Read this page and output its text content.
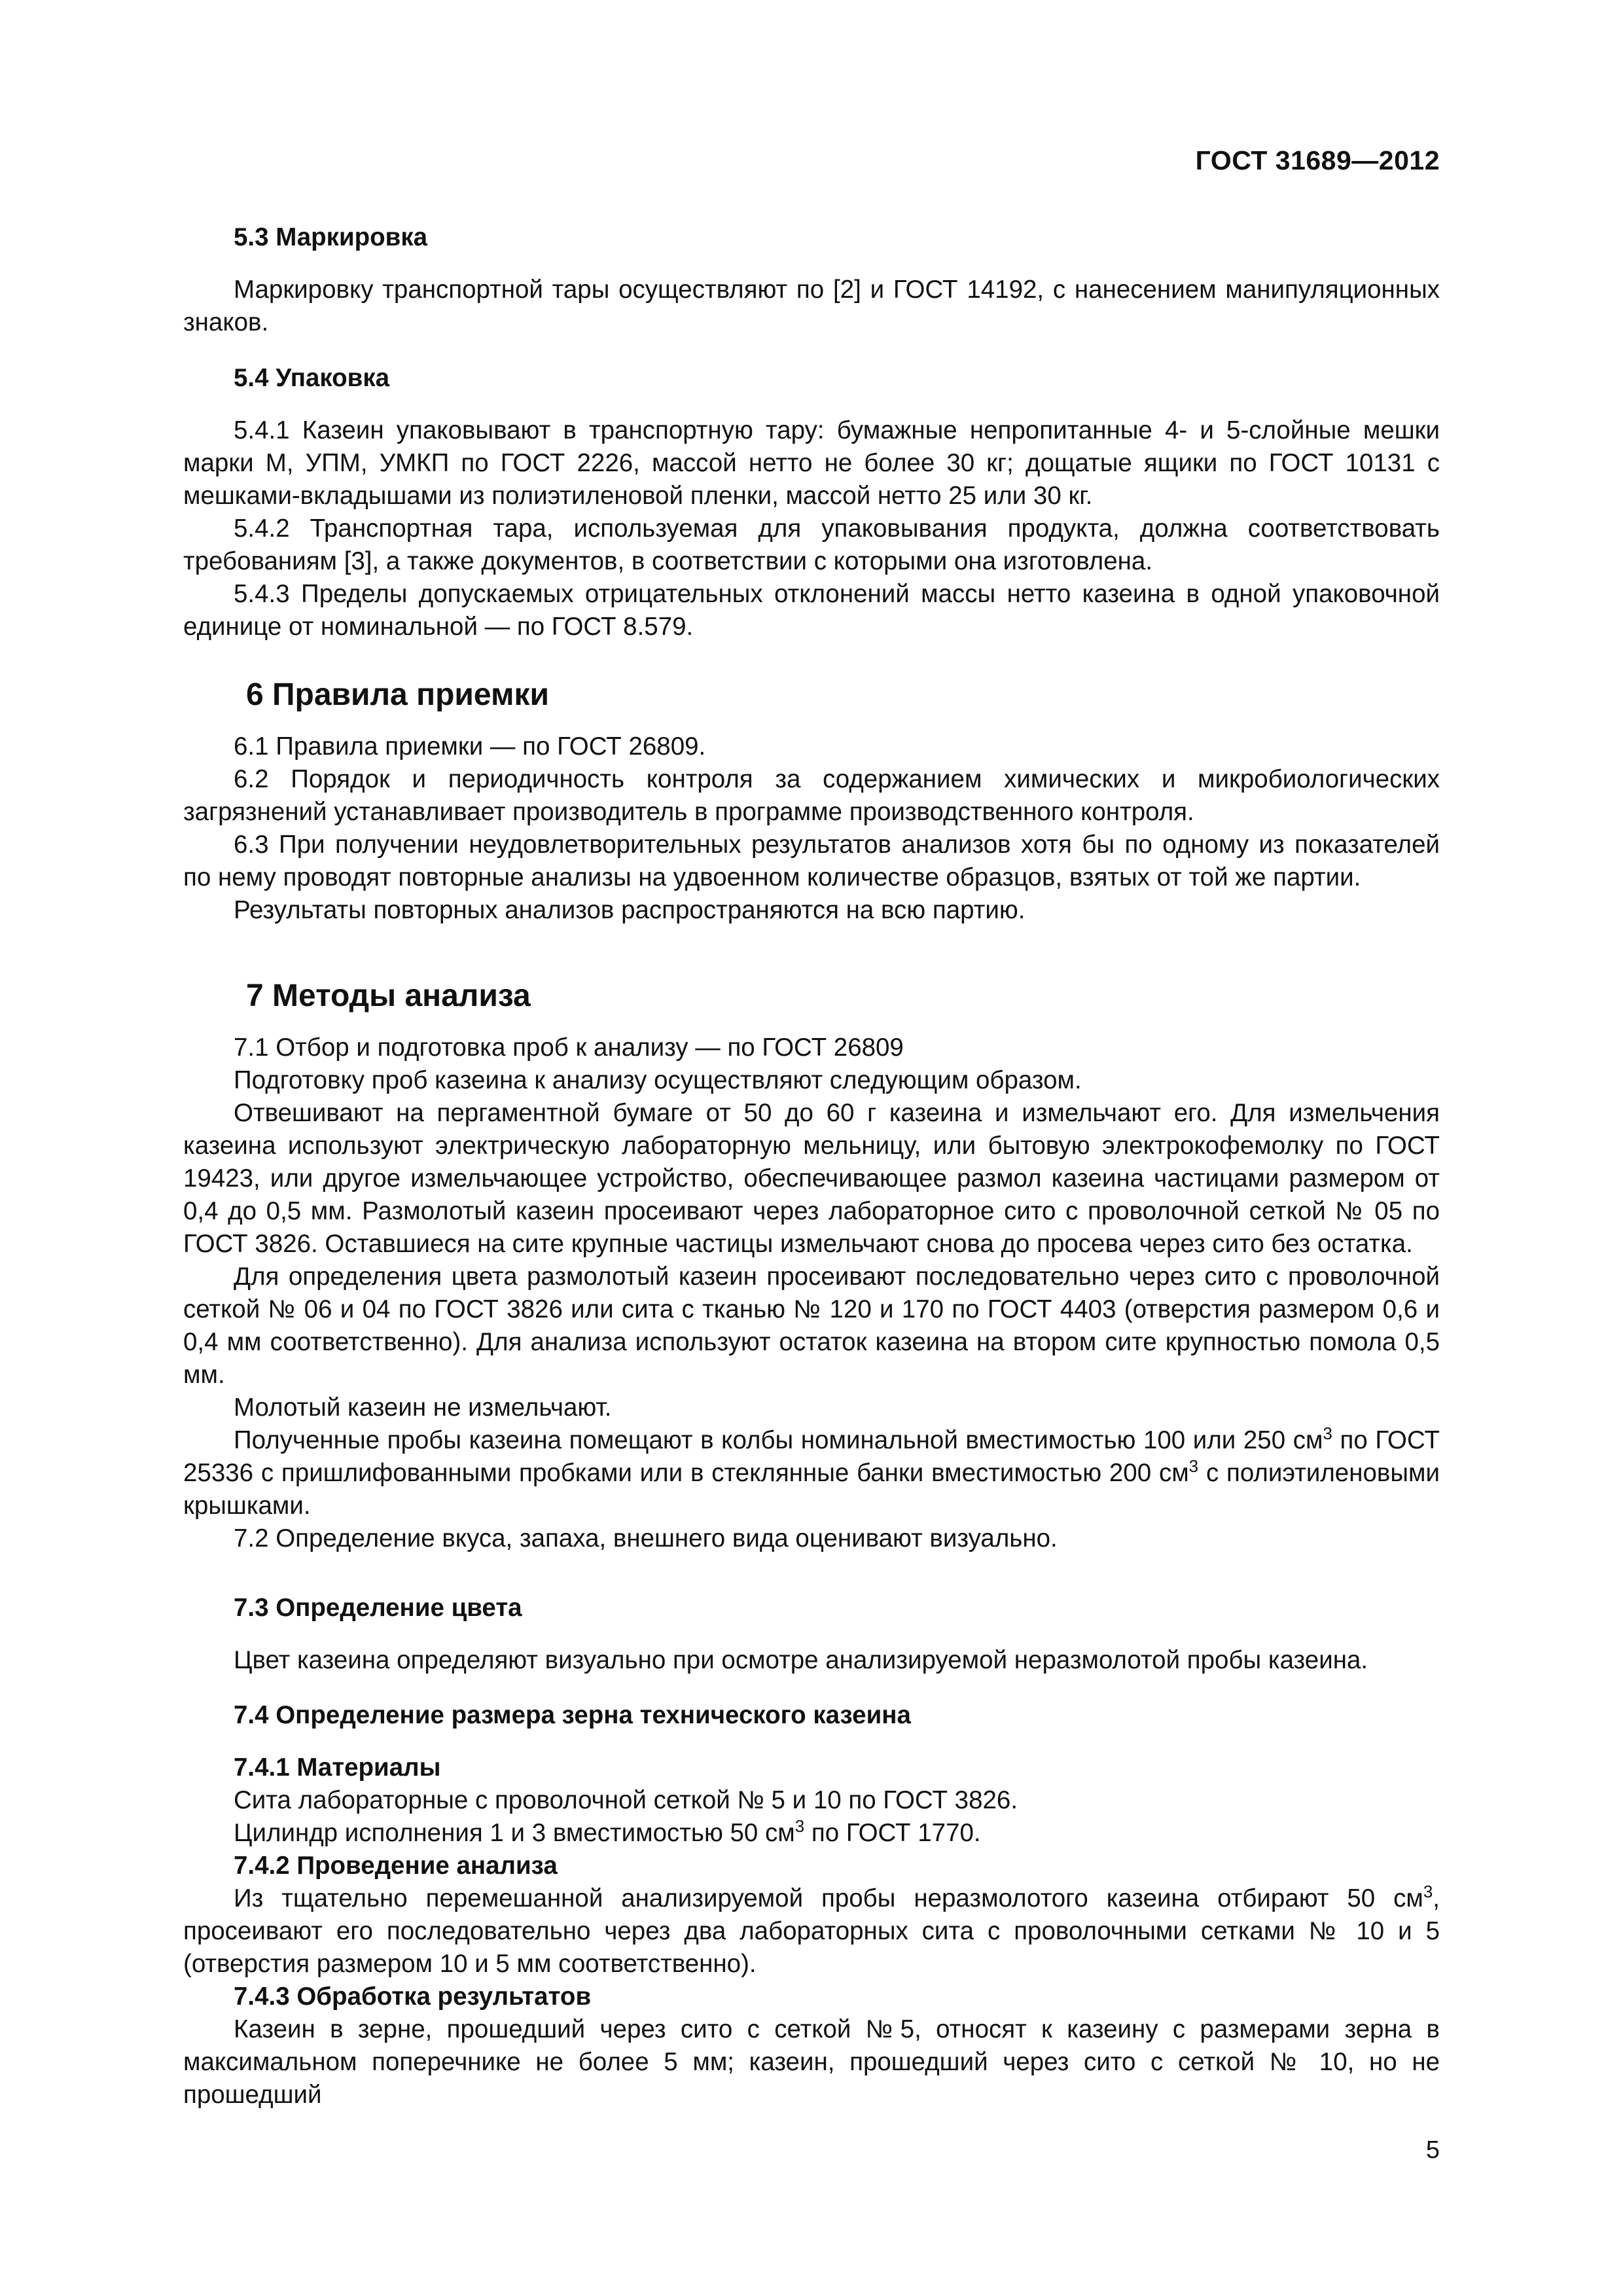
ГОСТ 31689—2012
5.3 Маркировка

Маркировку транспортной тары осуществляют по [2] и ГОСТ 14192, с нанесением манипуляционных знаков.

5.4 Упаковка

5.4.1 Казеин упаковывают в транспортную тару: бумажные непропитанные 4- и 5-слойные мешки марки М, УПМ, УМКП по ГОСТ 2226, массой нетто не более 30 кг; дощатые ящики по ГОСТ 10131 с мешками-вкладышами из полиэтиленовой пленки, массой нетто 25 или 30 кг.

5.4.2 Транспортная тара, используемая для упаковывания продукта, должна соответствовать требованиям [3], а также документов, в соответствии с которыми она изготовлена.

5.4.3 Пределы допускаемых отрицательных отклонений массы нетто казеина в одной упаковочной единице от номинальной — по ГОСТ 8.579.

6 Правила приемки

6.1 Правила приемки — по ГОСТ 26809.

6.2 Порядок и периодичность контроля за содержанием химических и микробиологических загрязнений устанавливает производитель в программе производственного контроля.

6.3 При получении неудовлетворительных результатов анализов хотя бы по одному из показателей по нему проводят повторные анализы на удвоенном количестве образцов, взятых от той же партии.

Результаты повторных анализов распространяются на всю партию.

7 Методы анализа

7.1 Отбор и подготовка проб к анализу — по ГОСТ 26809

Подготовку проб казеина к анализу осуществляют следующим образом.

Отвешивают на пергаментной бумаге от 50 до 60 г казеина и измельчают его. Для измельчения казеина используют электрическую лабораторную мельницу, или бытовую электрокофемолку по ГОСТ 19423, или другое измельчающее устройство, обеспечивающее размол казеина частицами размером от 0,4 до 0,5 мм. Размолотый казеин просеивают через лабораторное сито с проволочной сеткой № 05 по ГОСТ 3826. Оставшиеся на сите крупные частицы измельчают снова до просева через сито без остатка.

Для определения цвета размолотый казеин просеивают последовательно через сито с проволочной сеткой № 06 и 04 по ГОСТ 3826 или сита с тканью № 120 и 170 по ГОСТ 4403 (отверстия размером 0,6 и 0,4 мм соответственно). Для анализа используют остаток казеина на втором сите крупностью помола 0,5 мм.

Молотый казеин не измельчают.

Полученные пробы казеина помещают в колбы номинальной вместимостью 100 или 250 $см^3$ по ГОСТ 25336 с пришлифованными пробками или в стеклянные банки вместимостью 200 $см^3$ с полиэтиленовыми крышками.

7.2 Определение вкуса, запаха, внешнего вида оценивают визуально.

7.3 Определение цвета

Цвет казеина определяют визуально при осмотре анализируемой неразмолотой пробы казеина.

7.4 Определение размера зерна технического казеина
7.4.1 Материалы

Сита лабораторные с проволочной сеткой № 5 и 10 по ГОСТ 3826.

Цилиндр исполнения 1 и 3 вместимостью 50 $см^3$ по ГОСТ 1770.

7.4.2 Проведение анализа

Из тщательно перемешанной анализируемой пробы неразмолотого казеина отбирают 50 $см^3$, просеивают его последовательно через два лабораторных сита с проволочными сетками № 10 и 5 (отверстия размером 10 и 5 мм соответственно).

7.4.3 Обработка результатов

Казеин в зерне, прошедший через сито с сеткой №5, относят к казеину с размерами зерна в максимальном поперечнике не более 5 мм; казеин, прошедший через сито с сеткой № 10, но не прошедший

5
